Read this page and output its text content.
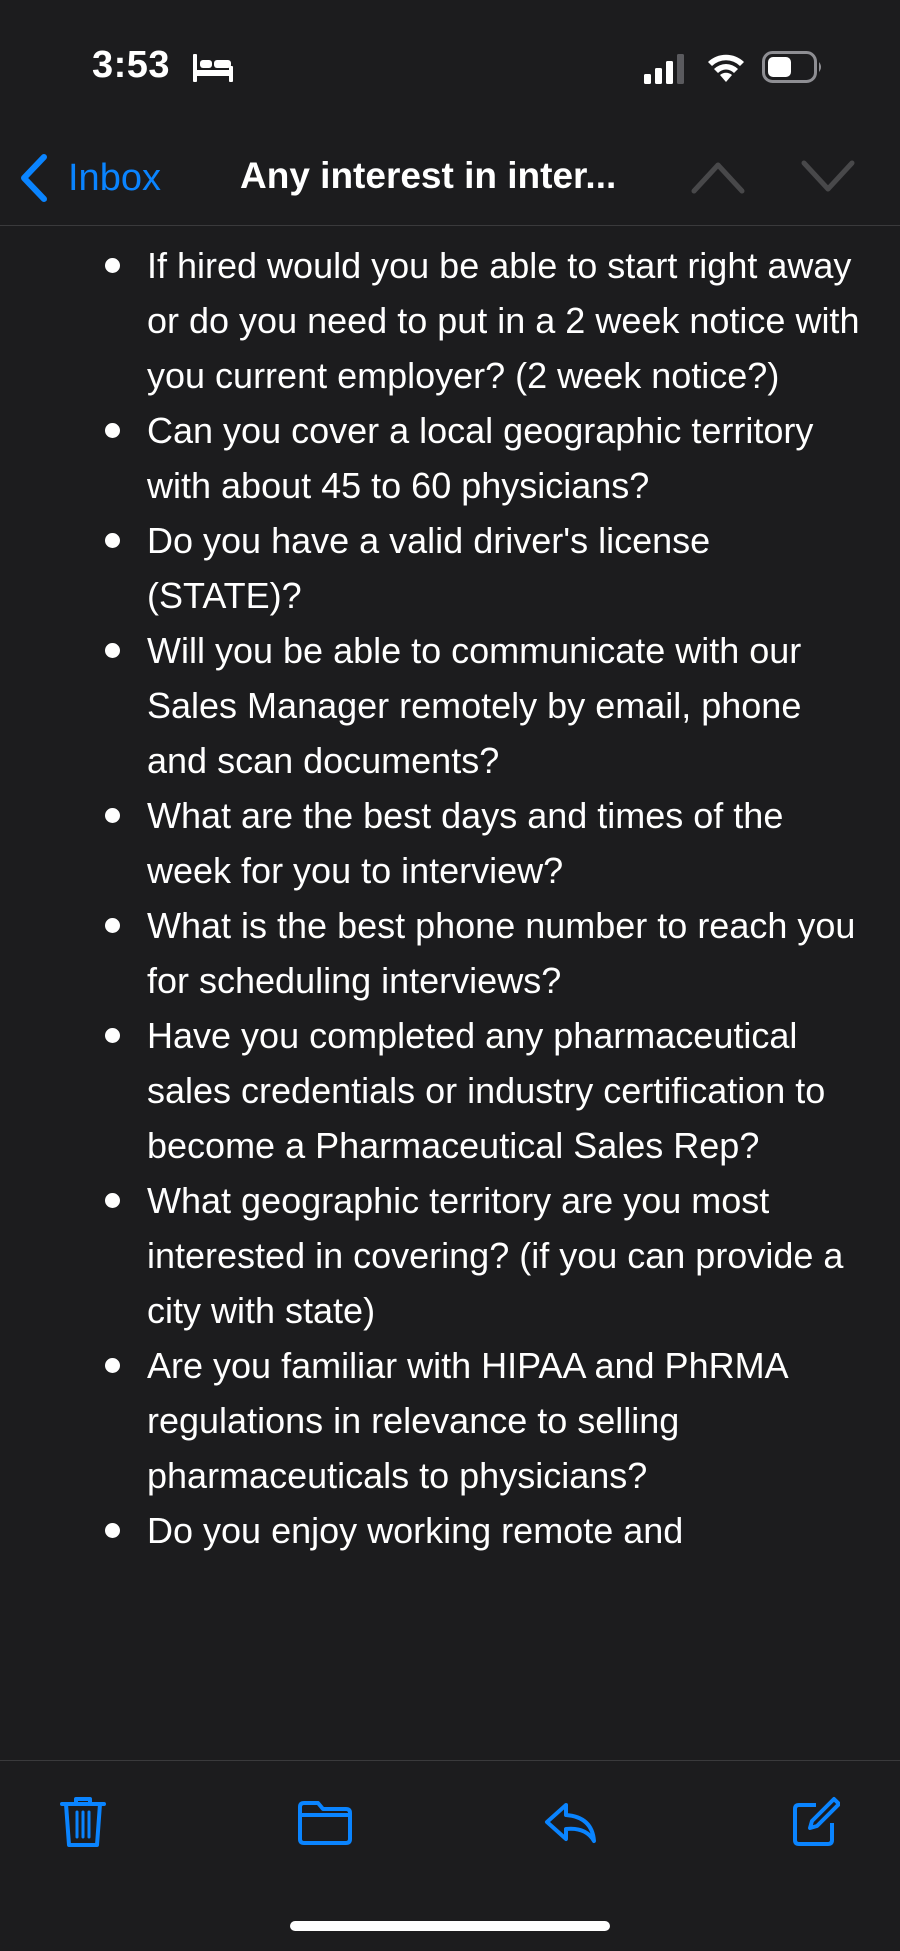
3:53
Inbox Any interest in inter...
If hired would you be able to start right away or do you need to put in a 2 week notice with you current employer? (2 week notice?)
Can you cover a local geographic territory with about 45 to 60 physicians?
Do you have a valid driver's license (STATE)?
Will you be able to communicate with our Sales Manager remotely by email, phone and scan documents?
What are the best days and times of the week for you to interview?
What is the best phone number to reach you for scheduling interviews?
Have you completed any pharmaceutical sales credentials or industry certification to become a Pharmaceutical Sales Rep?
What geographic territory are you most interested in covering? (if you can provide a city with state)
Are you familiar with HIPAA and PhRMA regulations in relevance to selling pharmaceuticals to physicians?
Do you enjoy working remote and
